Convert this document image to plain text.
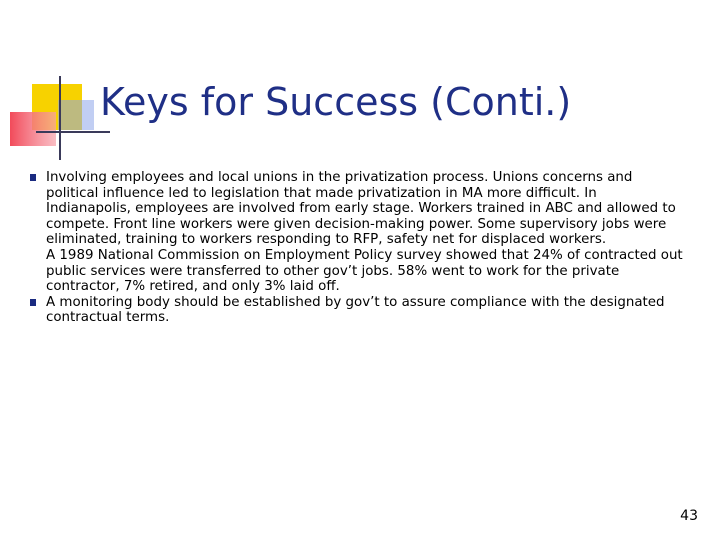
Keys for Success (Conti.)

Involving employees and local unions in the privatization process. Unions concerns and political influence led to legislation that made privatization in MA more difficult. In Indianapolis, employees are involved from early stage. Workers trained in ABC and allowed to compete. Front line workers were given decision-making power. Some supervisory jobs were eliminated, training to workers responding to RFP, safety net for displaced workers.

A 1989 National Commission on Employment Policy survey showed that 24% of contracted out public services were transferred to other gov’t jobs. 58% went to work for the private contractor, 7% retired, and only 3% laid off.

A monitoring body should be established by gov’t to assure compliance with the designated contractual terms.

43
